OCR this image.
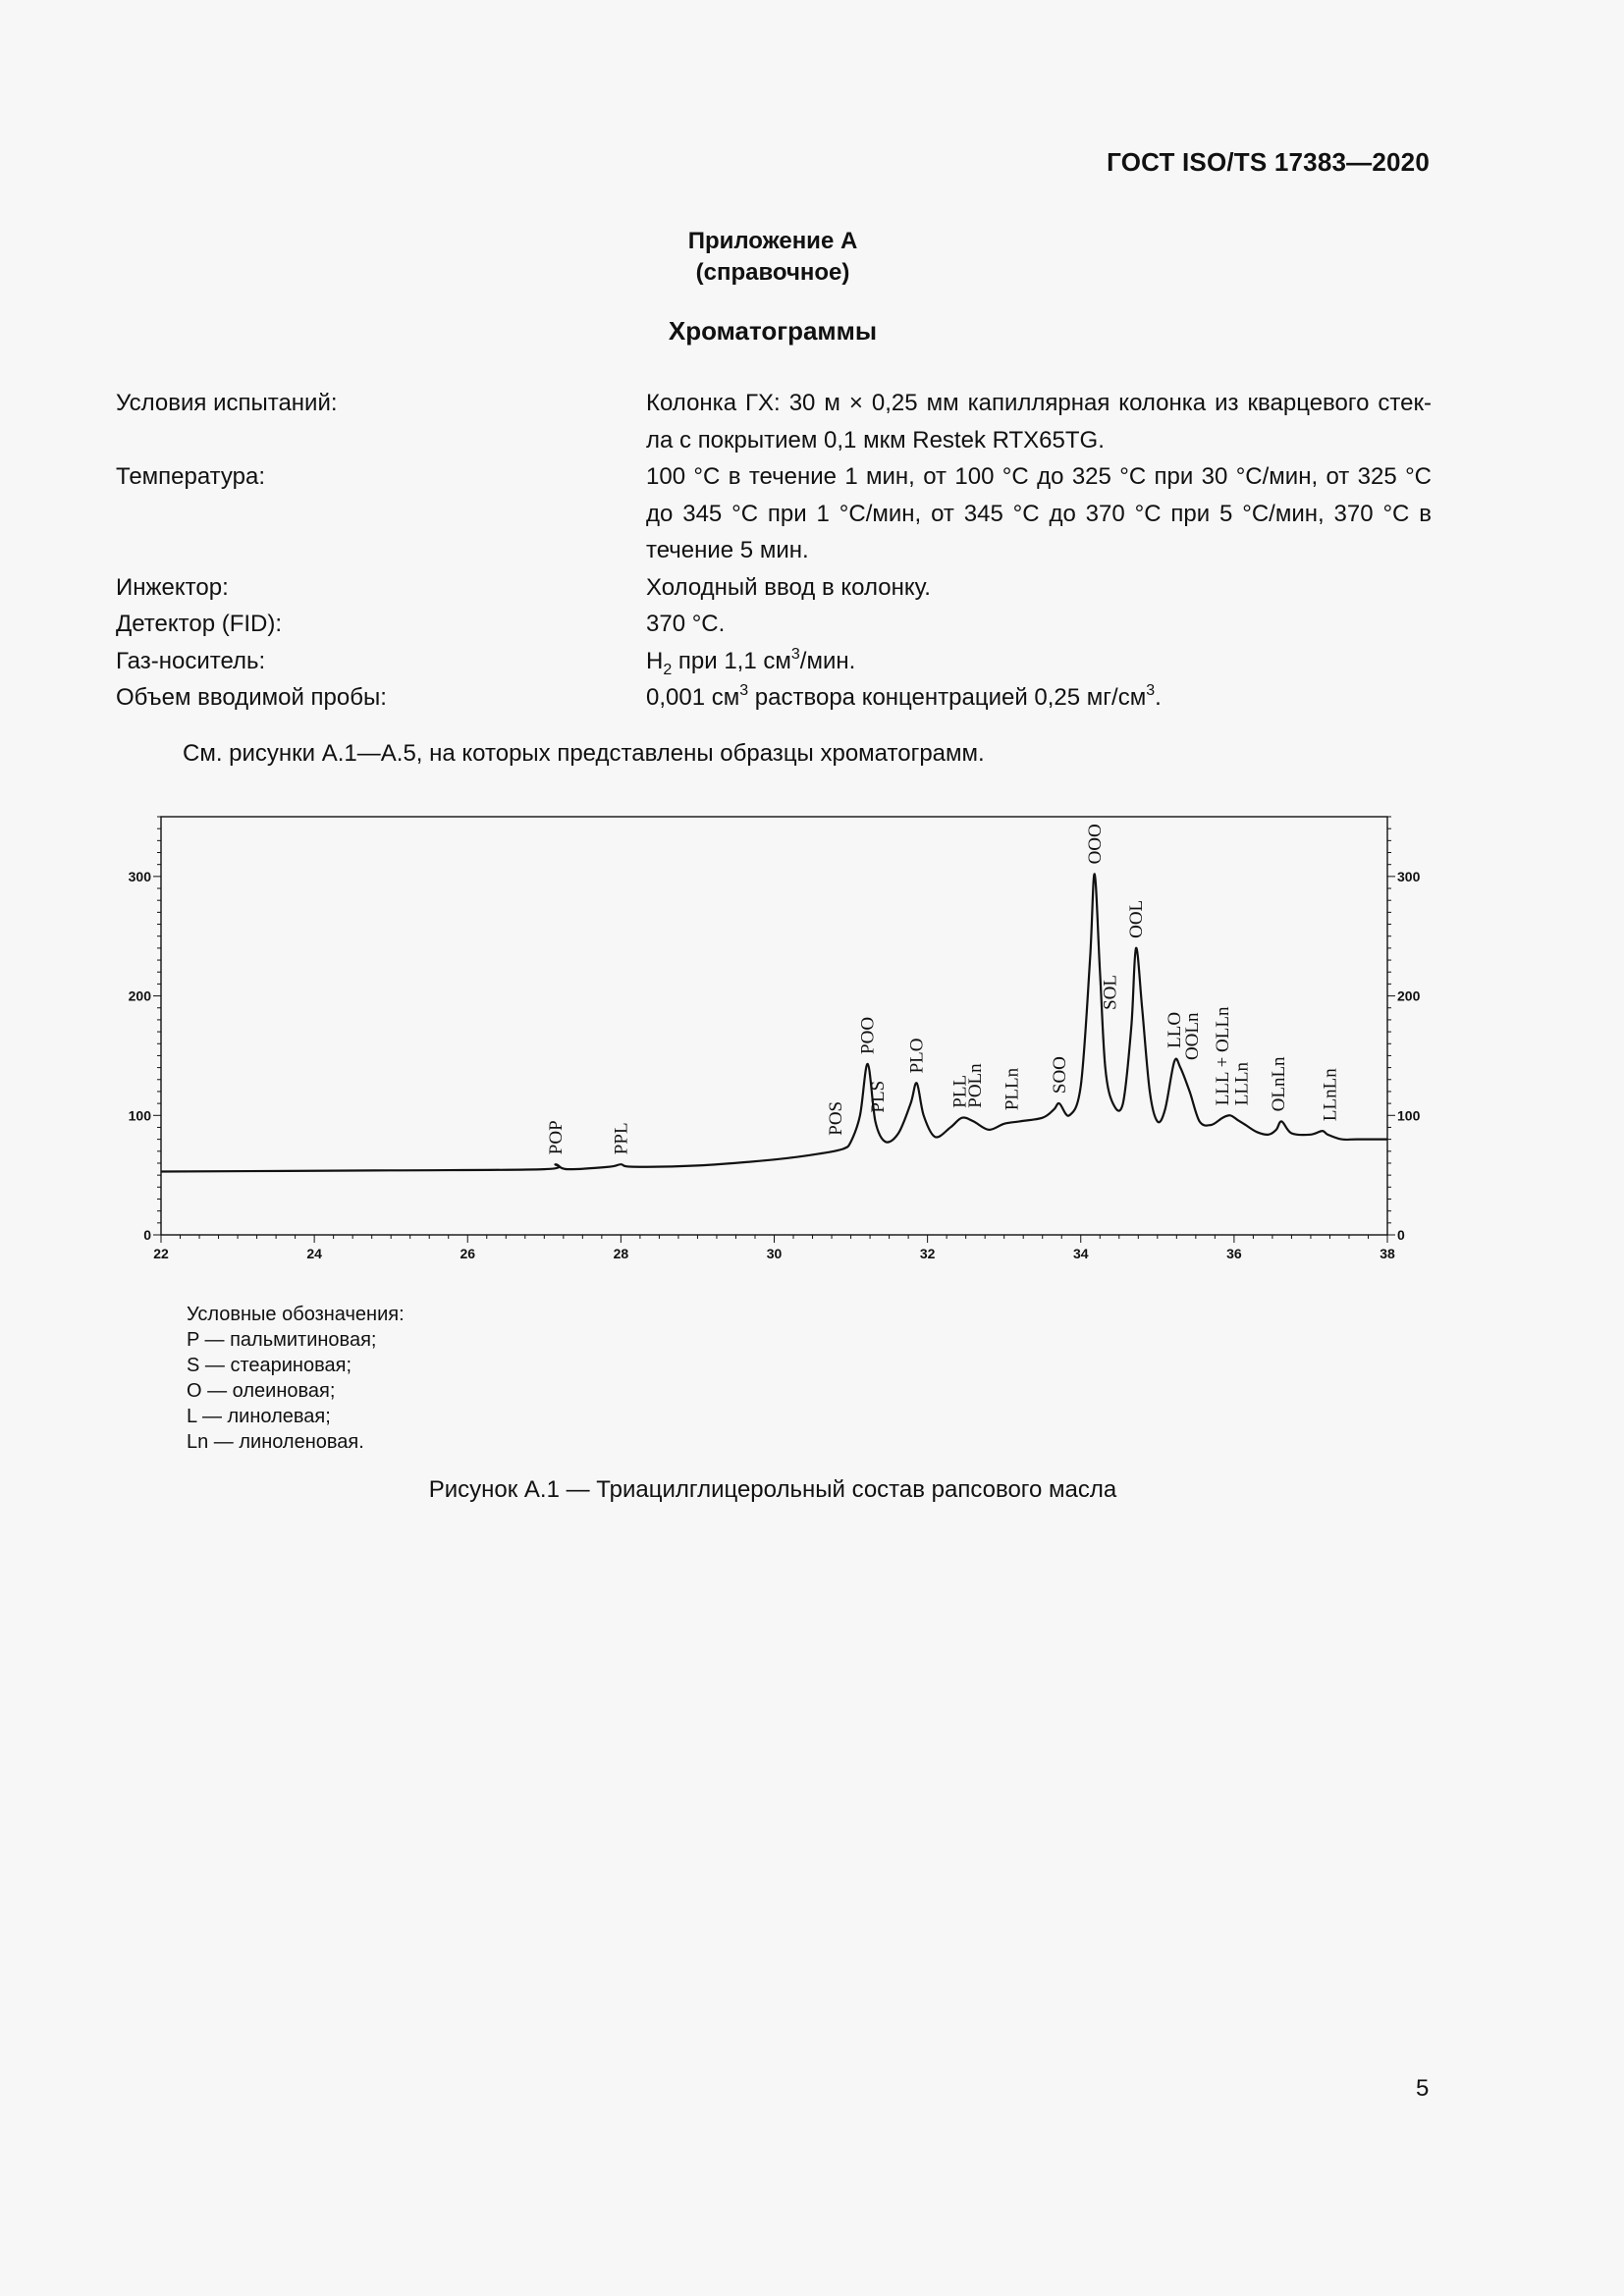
ГОСТ ISO/TS 17383—2020
Приложение А
(справочное)
Хроматограммы
Условия испытаний:	Колонка ГХ: 30 м × 0,25 мм капиллярная колонка из кварцевого стек-ла с покрытием 0,1 мкм Restek RTX65TG.
Температура:	100 °C в течение 1 мин, от 100 °C до 325 °C при 30 °C/мин, от 325 °C до 345 °C при 1 °C/мин, от 345 °C до 370 °C при 5 °C/мин, 370 °C в течение 5 мин.
Инжектор:	Холодный ввод в колонку.
Детектор (FID):	370 °C.
Газ-носитель:	$H_2$ при 1,1 $см^3$/мин.
Объем вводимой пробы:	0,001 $см^3$ раствора концентрацией 0,25 $мг/см^3$.
См. рисунки А.1—А.5, на которых представлены образцы хроматограмм.
22	24	26	28	30	32	34	36	38
0	0
100	100
200	200
300	300
POP PPL
POS
POO
PLS
PLO
PLL
POLn PLLn SOO
OOO
SOL
OOL
LLO
OOLn LLL + OLLn
LLLn OLnLn LLnLn
Условные обозначения:
P — пальмитиновая;
S — стеариновая;
O — олеиновая;
L — линолевая;
Ln — линоленовая.
Рисунок А.1 — Триацилглицерольный состав рапсового масла
5
